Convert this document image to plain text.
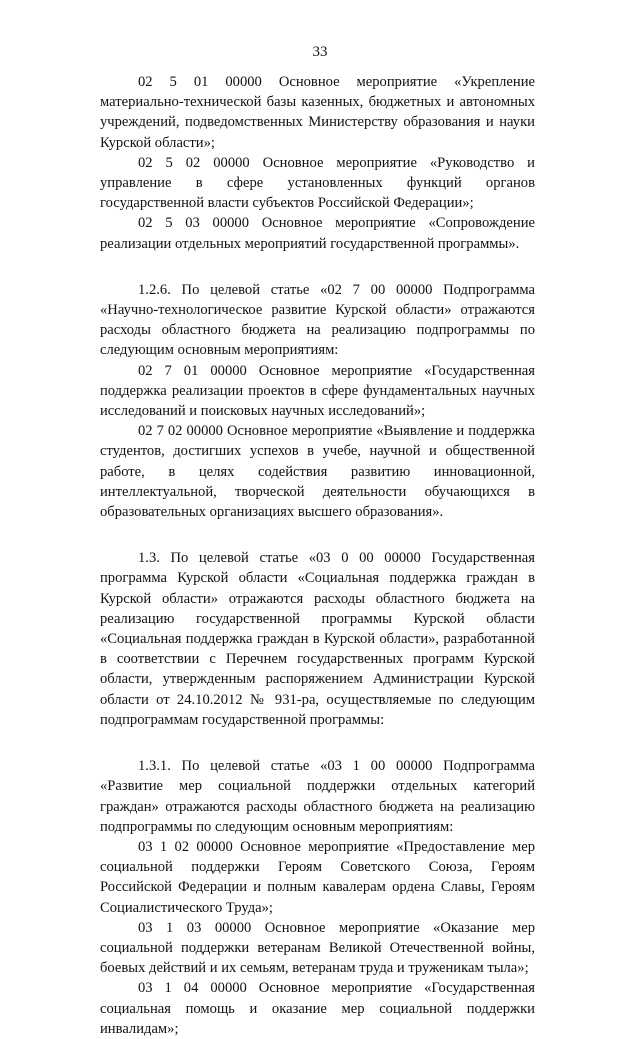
33

02 5 01 00000 Основное мероприятие «Укрепление материально-технической базы казенных, бюджетных и автономных учреждений, подведомственных Министерству образования и науки Курской области»;

02 5 02 00000 Основное мероприятие «Руководство и управление в сфере установленных функций органов государственной власти субъектов Российской Федерации»;

02 5 03 00000 Основное мероприятие «Сопровождение реализации отдельных мероприятий государственной программы».

1.2.6. По целевой статье «02 7 00 00000 Подпрограмма «Научно-технологическое развитие Курской области» отражаются расходы областного бюджета на реализацию подпрограммы по следующим основным мероприятиям:

02 7 01 00000 Основное мероприятие «Государственная поддержка реализации проектов в сфере фундаментальных научных исследований и поисковых научных исследований»;

02 7 02 00000 Основное мероприятие «Выявление и поддержка студентов, достигших успехов в учебе, научной и общественной работе, в целях содействия развитию инновационной, интеллектуальной, творческой деятельности обучающихся в образовательных организациях высшего образования».

1.3. По целевой статье «03 0 00 00000 Государственная программа Курской области «Социальная поддержка граждан в Курской области» отражаются расходы областного бюджета на реализацию государственной программы Курской области «Социальная поддержка граждан в Курской области», разработанной в соответствии с Перечнем государственных программ Курской области, утвержденным распоряжением Администрации Курской области от 24.10.2012 № 931-ра, осуществляемые по следующим подпрограммам государственной программы:

1.3.1. По целевой статье «03 1 00 00000 Подпрограмма «Развитие мер социальной поддержки отдельных категорий граждан» отражаются расходы областного бюджета на реализацию подпрограммы по следующим основным мероприятиям:

03 1 02 00000 Основное мероприятие «Предоставление мер социальной поддержки Героям Советского Союза, Героям Российской Федерации и полным кавалерам ордена Славы, Героям Социалистического Труда»;

03 1 03 00000 Основное мероприятие «Оказание мер социальной поддержки ветеранам Великой Отечественной войны, боевых действий и их семьям, ветеранам труда и труженикам тыла»;

03 1 04 00000 Основное мероприятие «Государственная социальная помощь и оказание мер социальной поддержки инвалидам»;
